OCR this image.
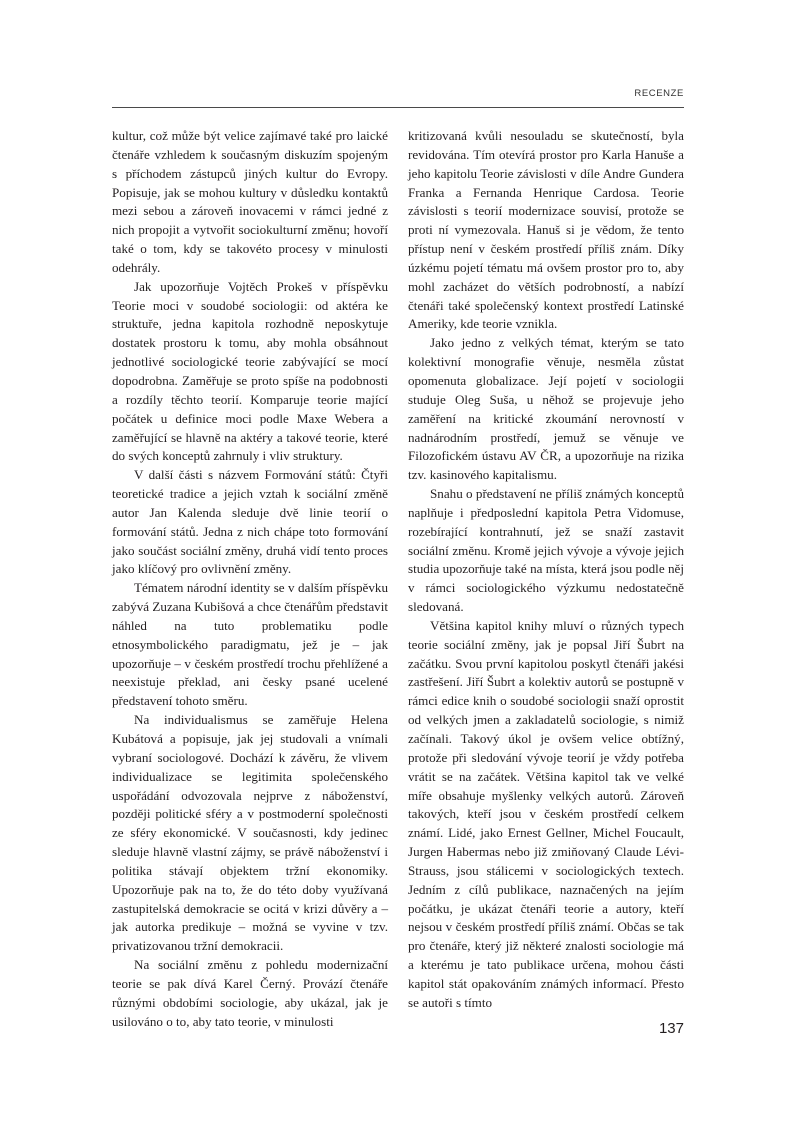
RECENZE

kultur, což může být velice zajímavé také pro laické čtenáře vzhledem k současným diskuzím spojeným s příchodem zástupců jiných kultur do Evropy. Popisuje, jak se mohou kultury v důsledku kontaktů mezi sebou a zároveň inovacemi v rámci jedné z nich propojit a vytvořit sociokulturní změnu; hovoří také o tom, kdy se takovéto procesy v minulosti odehrály.

Jak upozorňuje Vojtěch Prokeš v příspěvku Teorie moci v soudobé sociologii: od aktéra ke struktuře, jedna kapitola rozhodně neposkytuje dostatek prostoru k tomu, aby mohla obsáhnout jednotlivé sociologické teorie zabývající se mocí dopodrobna. Zaměřuje se proto spíše na podobnosti a rozdíly těchto teorií. Komparuje teorie mající počátek u definice moci podle Maxe Webera a zaměřující se hlavně na aktéry a takové teorie, které do svých konceptů zahrnuly i vliv struktury.

V další části s názvem Formování států: Čtyři teoretické tradice a jejich vztah k sociální změně autor Jan Kalenda sleduje dvě linie teorií o formování států. Jedna z nich chápe toto formování jako součást sociální změny, druhá vidí tento proces jako klíčový pro ovlivnění změny.

Tématem národní identity se v dalším příspěvku zabývá Zuzana Kubišová a chce čtenářům představit náhled na tuto problematiku podle etnosymbolického paradigmatu, jež je – jak upozorňuje – v českém prostředí trochu přehlížené a neexistuje překlad, ani česky psané ucelené představení tohoto směru.

Na individualismus se zaměřuje Helena Kubátová a popisuje, jak jej studovali a vnímali vybraní sociologové. Dochází k závěru, že vlivem individualizace se legitimita společenského uspořádání odvozovala nejprve z náboženství, později politické sféry a v postmoderní společnosti ze sféry ekonomické. V současnosti, kdy jedinec sleduje hlavně vlastní zájmy, se právě náboženství i politika stávají objektem tržní ekonomiky. Upozorňuje pak na to, že do této doby využívaná zastupitelská demokracie se ocitá v krizi důvěry a – jak autorka predikuje – možná se vyvine v tzv. privatizovanou tržní demokracii.

Na sociální změnu z pohledu modernizační teorie se pak dívá Karel Černý. Provází čtenáře různými obdobími sociologie, aby ukázal, jak je usilováno o to, aby tato teorie, v minulosti

kritizovaná kvůli nesouladu se skutečností, byla revidována. Tím otevírá prostor pro Karla Hanuše a jeho kapitolu Teorie závislosti v díle Andre Gundera Franka a Fernanda Henrique Cardosa. Teorie závislosti s teorií modernizace souvisí, protože se proti ní vymezovala. Hanuš si je vědom, že tento přístup není v českém prostředí příliš znám. Díky úzkému pojetí tématu má ovšem prostor pro to, aby mohl zacházet do větších podrobností, a nabízí čtenáři také společenský kontext prostředí Latinské Ameriky, kde teorie vznikla.

Jako jedno z velkých témat, kterým se tato kolektivní monografie věnuje, nesměla zůstat opomenuta globalizace. Její pojetí v sociologii studuje Oleg Suša, u něhož se projevuje jeho zaměření na kritické zkoumání nerovností v nadnárodním prostředí, jemuž se věnuje ve Filozofickém ústavu AV ČR, a upozorňuje na rizika tzv. kasinového kapitalismu.

Snahu o představení ne příliš známých konceptů naplňuje i předposlední kapitola Petra Vidomuse, rozebírající kontrahnutí, jež se snaží zastavit sociální změnu. Kromě jejich vývoje a vývoje jejich studia upozorňuje také na místa, která jsou podle něj v rámci sociologického výzkumu nedostatečně sledovaná.

Většina kapitol knihy mluví o různých typech teorie sociální změny, jak je popsal Jiří Šubrt na začátku. Svou první kapitolou poskytl čtenáři jakési zastřešení. Jiří Šubrt a kolektiv autorů se postupně v rámci edice knih o soudobé sociologii snaží oprostit od velkých jmen a zakladatelů sociologie, s nimiž začínali. Takový úkol je ovšem velice obtížný, protože při sledování vývoje teorií je vždy potřeba vrátit se na začátek. Většina kapitol tak ve velké míře obsahuje myšlenky velkých autorů. Zároveň takových, kteří jsou v českém prostředí celkem známí. Lidé, jako Ernest Gellner, Michel Foucault, Jurgen Habermas nebo již zmiňovaný Claude Lévi-Strauss, jsou stálicemi v sociologických textech. Jedním z cílů publikace, naznačených na jejím počátku, je ukázat čtenáři teorie a autory, kteří nejsou v českém prostředí příliš známí. Občas se tak pro čtenáře, který již některé znalosti sociologie má a kterému je tato publikace určena, mohou části kapitol stát opakováním známých informací. Přesto se autoři s tímto

137
